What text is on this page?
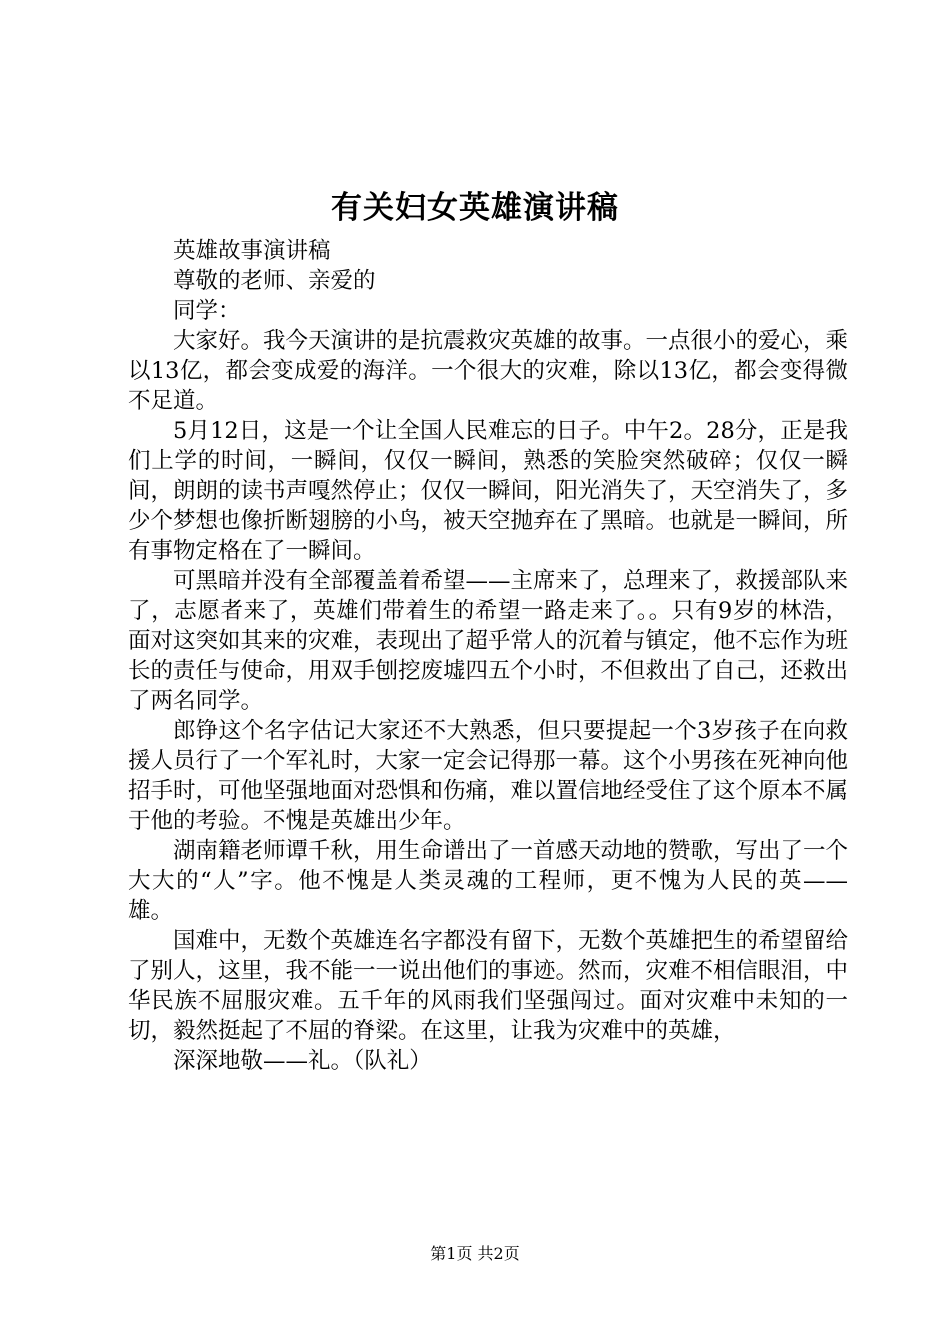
有关妇女英雄演讲稿

英雄故事演讲稿

尊敬的老师、亲爱的

同学：

大家好。我今天演讲的是抗震救灾英雄的故事。一点很小的爱心，乘以13亿，都会变成爱的海洋。一个很大的灾难，除以13亿，都会变得微不足道。

5月12日，这是一个让全国人民难忘的日子。中午2。28分，正是我们上学的时间，一瞬间，仅仅一瞬间，熟悉的笑脸突然破碎；仅仅一瞬间，朗朗的读书声嘎然停止；仅仅一瞬间，阳光消失了，天空消失了，多少个梦想也像折断翅膀的小鸟，被天空抛弃在了黑暗。也就是一瞬间，所有事物定格在了一瞬间。

可黑暗并没有全部覆盖着希望——主席来了，总理来了，救援部队来了，志愿者来了，英雄们带着生的希望一路走来了。。只有9岁的林浩，面对这突如其来的灾难，表现出了超乎常人的沉着与镇定，他不忘作为班长的责任与使命，用双手刨挖废墟四五个小时，不但救出了自己，还救出了两名同学。

郎铮这个名字估记大家还不大熟悉，但只要提起一个3岁孩子在向救援人员行了一个军礼时，大家一定会记得那一幕。这个小男孩在死神向他招手时，可他坚强地面对恐惧和伤痛，难以置信地经受住了这个原本不属于他的考验。不愧是英雄出少年。

湖南籍老师谭千秋，用生命谱出了一首感天动地的赞歌，写出了一个大大的“人”字。他不愧是人类灵魂的工程师，更不愧为人民的英——雄。

国难中，无数个英雄连名字都没有留下，无数个英雄把生的希望留给了别人，这里，我不能一一说出他们的事迹。然而，灾难不相信眼泪，中华民族不屈服灾难。五千年的风雨我们坚强闯过。面对灾难中未知的一切，毅然挺起了不屈的脊梁。在这里，让我为灾难中的英雄，

深深地敬——礼。（队礼）

第1页 共2页
